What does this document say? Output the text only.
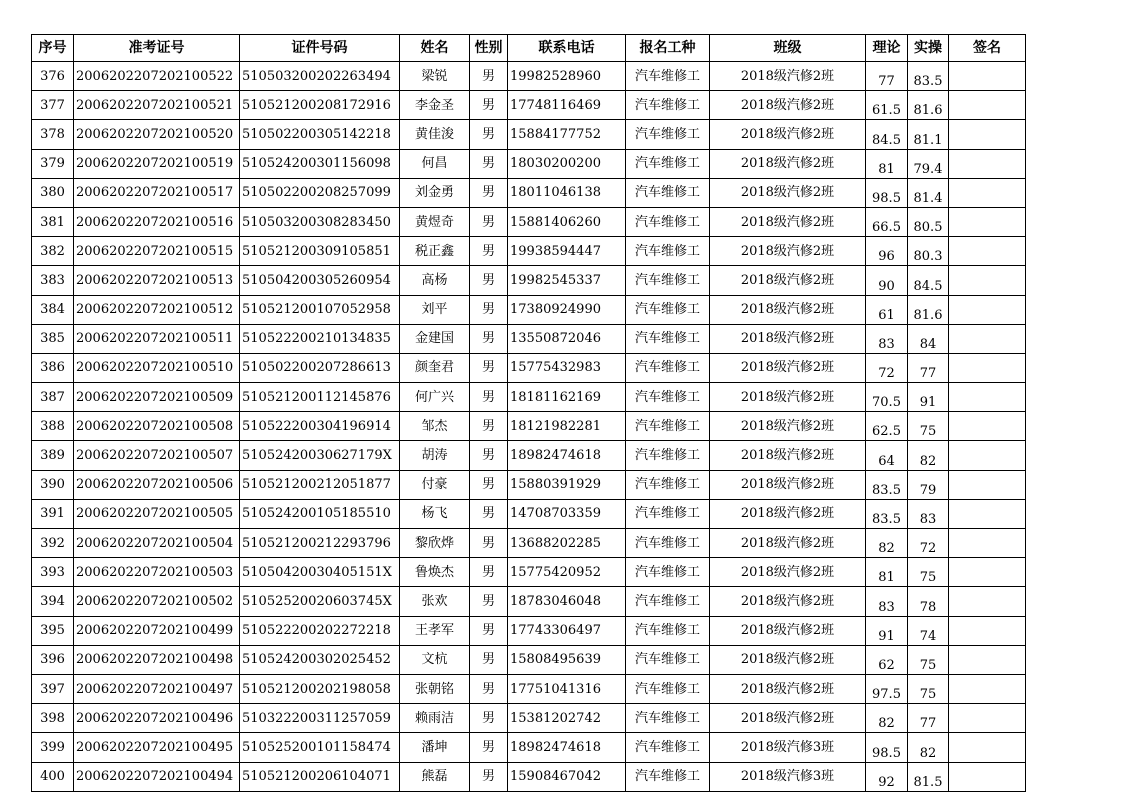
序号	准考证号	证件号码	姓名	性别	联系电话	报名工种	班级	理论	实操	签名
376	2006202207202100522	510503200202263494	梁锐	男	19982528960	汽车维修工	2018级汽修2班	77	83.5	
377	2006202207202100521	510521200208172916	李金圣	男	17748116469	汽车维修工	2018级汽修2班	61.5	81.6	
378	2006202207202100520	510502200305142218	黄佳浚	男	15884177752	汽车维修工	2018级汽修2班	84.5	81.1	
379	2006202207202100519	510524200301156098	何昌	男	18030200200	汽车维修工	2018级汽修2班	81	79.4	
380	2006202207202100517	510502200208257099	刘金勇	男	18011046138	汽车维修工	2018级汽修2班	98.5	81.4	
381	2006202207202100516	510503200308283450	黄煜奇	男	15881406260	汽车维修工	2018级汽修2班	66.5	80.5	
382	2006202207202100515	510521200309105851	税正鑫	男	19938594447	汽车维修工	2018级汽修2班	96	80.3	
383	2006202207202100513	510504200305260954	高杨	男	19982545337	汽车维修工	2018级汽修2班	90	84.5	
384	2006202207202100512	510521200107052958	刘平	男	17380924990	汽车维修工	2018级汽修2班	61	81.6	
385	2006202207202100511	510522200210134835	金建国	男	13550872046	汽车维修工	2018级汽修2班	83	84	
386	2006202207202100510	510502200207286613	颜奎君	男	15775432983	汽车维修工	2018级汽修2班	72	77	
387	2006202207202100509	510521200112145876	何广兴	男	18181162169	汽车维修工	2018级汽修2班	70.5	91	
388	2006202207202100508	510522200304196914	邹杰	男	18121982281	汽车维修工	2018级汽修2班	62.5	75	
389	2006202207202100507	51052420030627179X	胡涛	男	18982474618	汽车维修工	2018级汽修2班	64	82	
390	2006202207202100506	510521200212051877	付豪	男	15880391929	汽车维修工	2018级汽修2班	83.5	79	
391	2006202207202100505	510524200105185510	杨飞	男	14708703359	汽车维修工	2018级汽修2班	83.5	83	
392	2006202207202100504	510521200212293796	黎欣烨	男	13688202285	汽车维修工	2018级汽修2班	82	72	
393	2006202207202100503	51050420030405151X	鲁焕杰	男	15775420952	汽车维修工	2018级汽修2班	81	75	
394	2006202207202100502	51052520020603745X	张欢	男	18783046048	汽车维修工	2018级汽修2班	83	78	
395	2006202207202100499	510522200202272218	王孝军	男	17743306497	汽车维修工	2018级汽修2班	91	74	
396	2006202207202100498	510524200302025452	文杭	男	15808495639	汽车维修工	2018级汽修2班	62	75	
397	2006202207202100497	510521200202198058	张朝铭	男	17751041316	汽车维修工	2018级汽修2班	97.5	75	
398	2006202207202100496	510322200311257059	赖雨洁	男	15381202742	汽车维修工	2018级汽修2班	82	77	
399	2006202207202100495	510525200101158474	潘坤	男	18982474618	汽车维修工	2018级汽修3班	98.5	82	
400	2006202207202100494	510521200206104071	熊磊	男	15908467042	汽车维修工	2018级汽修3班	92	81.5	
